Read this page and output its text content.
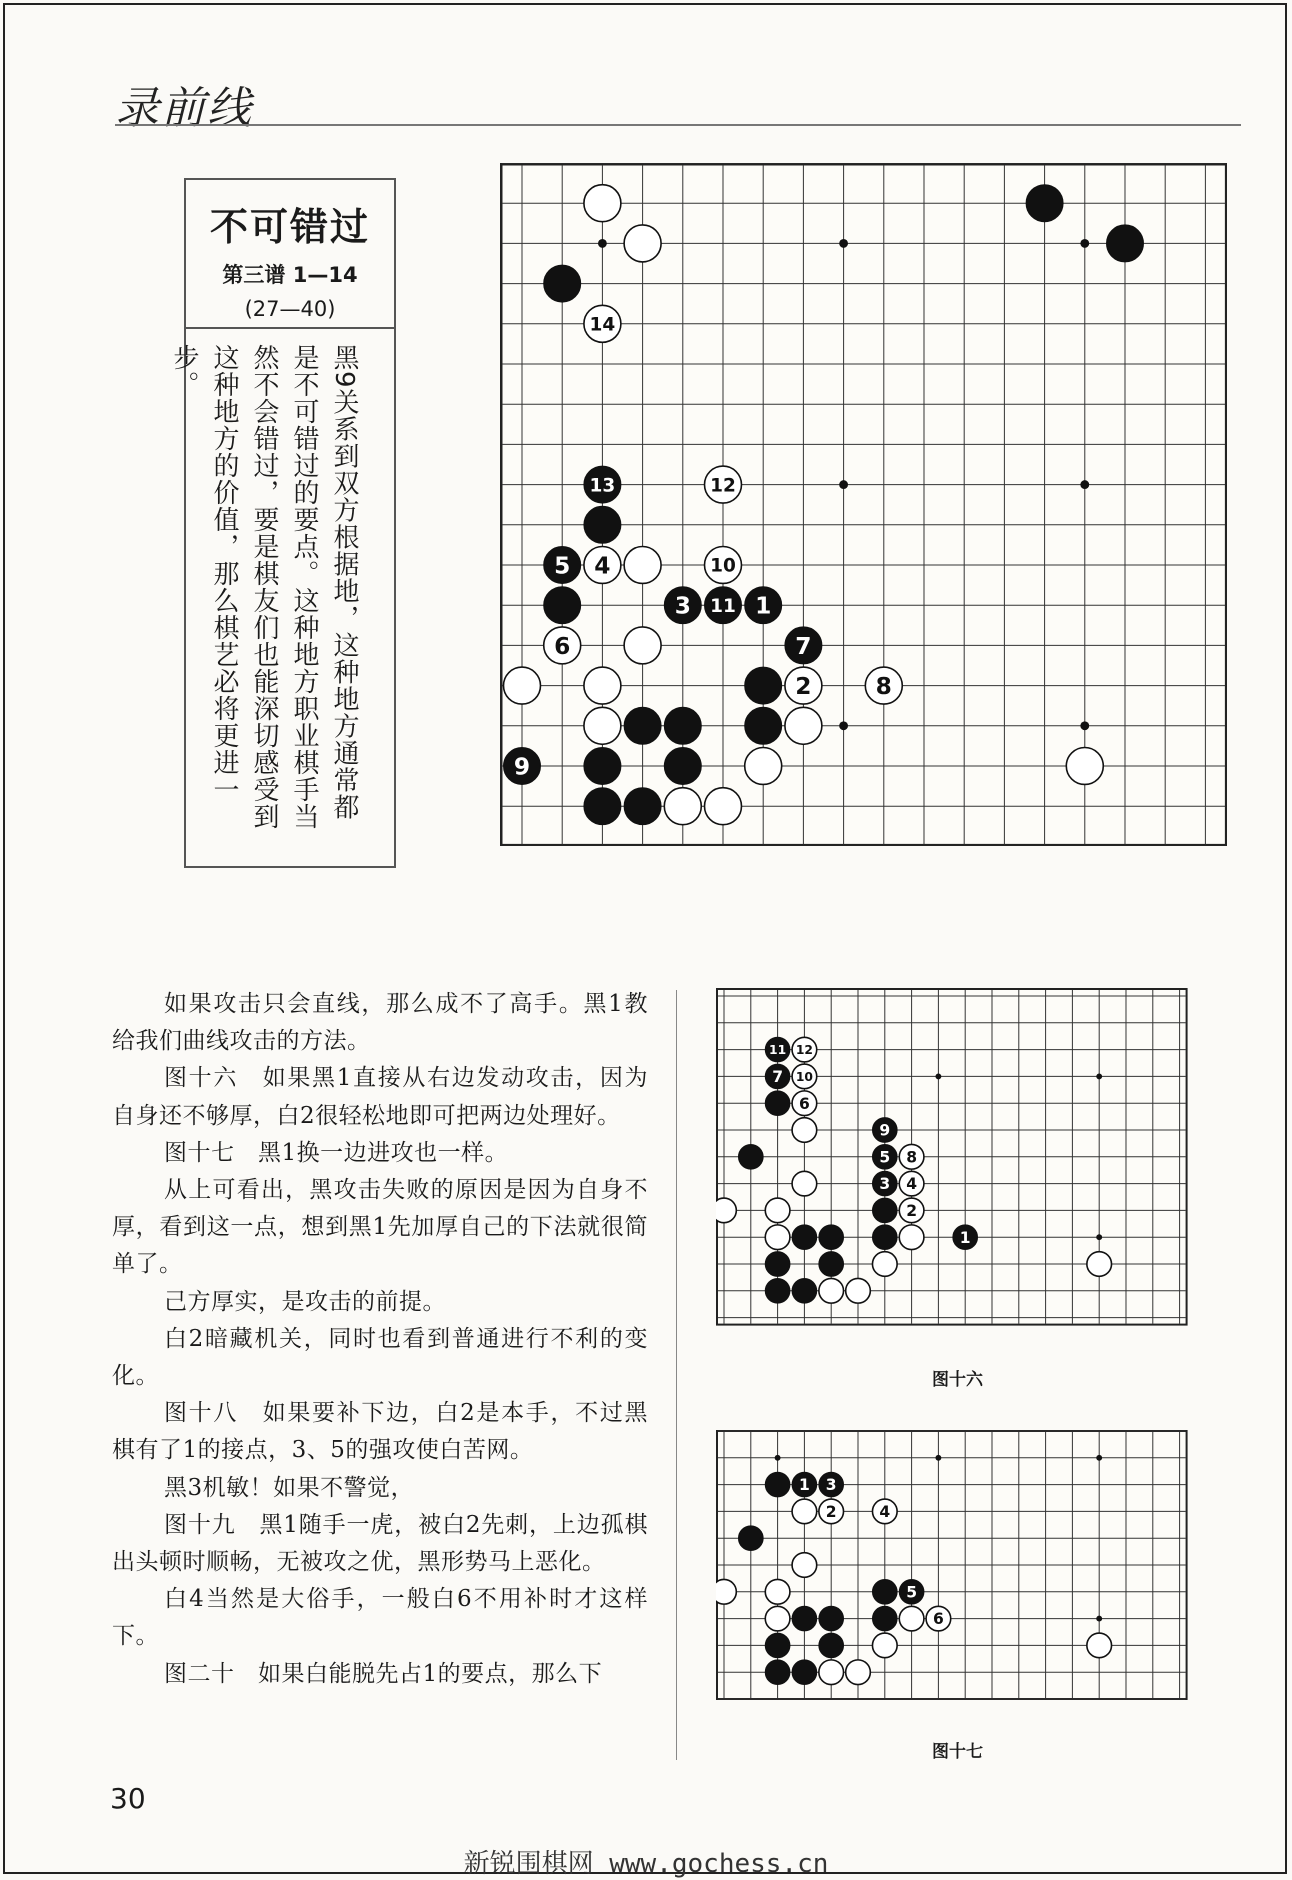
录前线
不可错过
第三谱 1—14
(27—40)
黑9关系到双方根据地，这种地方通常都是不可错过的要点。这种地方职业棋手当然不会错过，要是棋友们也能深切感受到这种地方的价值，那么棋艺必将更进一步。
14
13	12
5 4	10
3 11 1
6	7
2	8
9

如果攻击只会直线，那么成不了高手。黑1教给我们曲线攻击的方法。

图十六　如果黑1直接从右边发动攻击，因为自身还不够厚，白2很轻松地即可把两边处理好。

图十七　黑1换一边进攻也一样。

从上可看出，黑攻击失败的原因是因为自身不厚，看到这一点，想到黑1先加厚自己的下法就很简单了。

己方厚实，是攻击的前提。

白2暗藏机关，同时也看到普通进行不利的变化。

图十八　如果要补下边，白2是本手，不过黑棋有了1的接点，3、5的强攻使白苦网。

黑3机敏！如果不警觉，

图十九　黑1随手一虎，被白2先刺，上边孤棋出头顿时顺畅，无被攻之优，黑形势马上恶化。

白4当然是大俗手，一般白6不用补时才这样下。

图二十　如果白能脱先占1的要点，那么下

11 12
7 10
6
9
5 8
3 4
2
1
图十六
1 3
2	4
5
6
图十七
30
新锐围棋网 www.gochess.cn
